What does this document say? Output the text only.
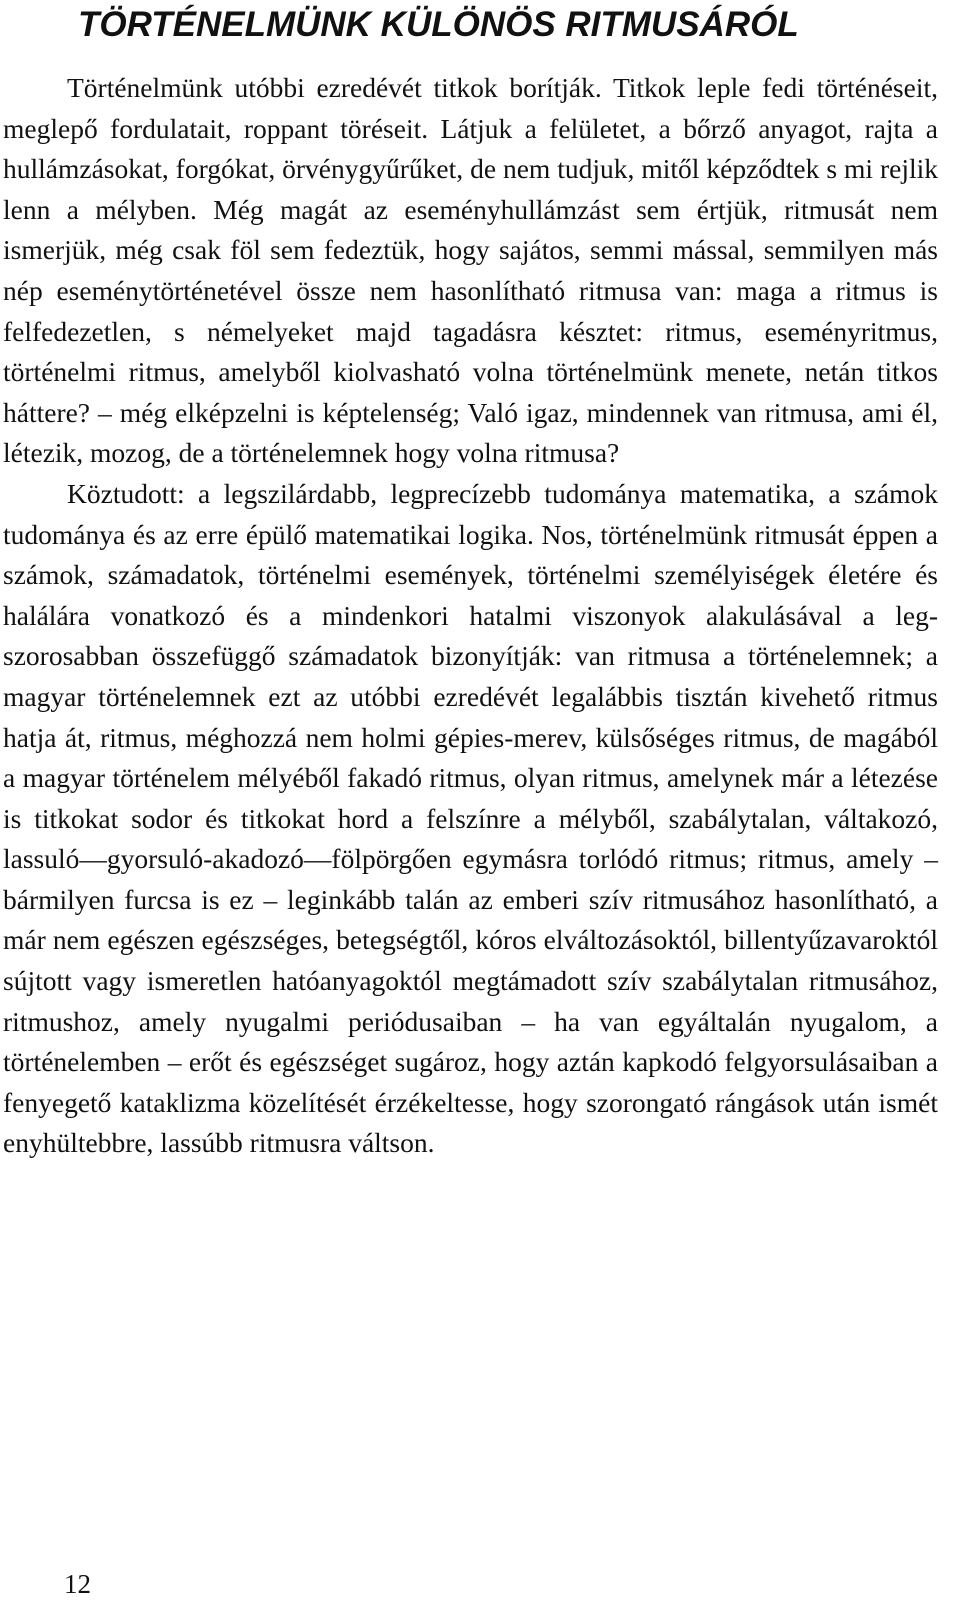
TÖRTÉNELMÜNK KÜLÖNÖS RITMUSÁRÓL

Történelmünk utóbbi ezredévét titkok borítják. Titkok leple fedi történéseit, meglepő fordulatait, roppant töréseit. Látjuk a felületet, a bőrző anyagot, rajta a hullámzásokat, forgókat, örvénygyűrűket, de nem tudjuk, mitől képződtek s mi rejlik lenn a mélyben. Még magát az eseményhullámzást sem értjük, ritmusát nem ismerjük, még csak föl sem fedeztük, hogy sajátos, semmi mással, semmilyen más nép eseménytörténetével össze nem hasonlítható ritmusa van: maga a ritmus is felfedezetlen, s némelyeket majd tagadásra késztet: ritmus, eseményritmus, történelmi ritmus, amelyből kiolvasható volna történelmünk menete, netán titkos háttere? – még elképzelni is képtelenség; Való igaz, mindennek van ritmusa, ami él, létezik, mozog, de a történelemnek hogy volna ritmusa?

Köztudott: a legszilárdabb, legprecízebb tudománya matematika, a számok tudománya és az erre épülő matematikai logika. Nos, történelmünk ritmusát éppen a számok, számadatok, történelmi események, történelmi személyiségek életére és halálára vonatkozó és a mindenkori hatalmi viszonyok alakulásával a legszorosabban összefüggő számadatok bizonyítják: van ritmusa a történelemnek; a magyar történelemnek ezt az utóbbi ezredévét legalábbis tisztán kivehető ritmus hatja át, ritmus, méghozzá nem holmi gépies-merev, külsőséges ritmus, de magából a magyar történelem mélyéből fakadó ritmus, olyan ritmus, amelynek már a létezése is titkokat sodor és titkokat hord a felszínre a mélyből, szabálytalan, váltakozó, lassuló—gyorsuló-akadozó—fölpörgően egymásra torlódó ritmus; ritmus, amely – bármilyen furcsa is ez – leginkább talán az emberi szív ritmusához hasonlítható, a már nem egészen egészséges, betegségtől, kóros elváltozásoktól, billentyűzavaroktól sújtott vagy ismeretlen hatóanyagoktól megtámadott szív szabálytalan ritmusához, ritmushoz, amely nyugalmi periódusaiban – ha van egyáltalán nyugalom, a történelemben – erőt és egészséget sugároz, hogy aztán kapkodó felgyorsulásaiban a fenyegető kataklizma közelítését érzékeltesse, hogy szorongató rángások után ismét enyhültebbre, lassúbb ritmusra váltson.

12
